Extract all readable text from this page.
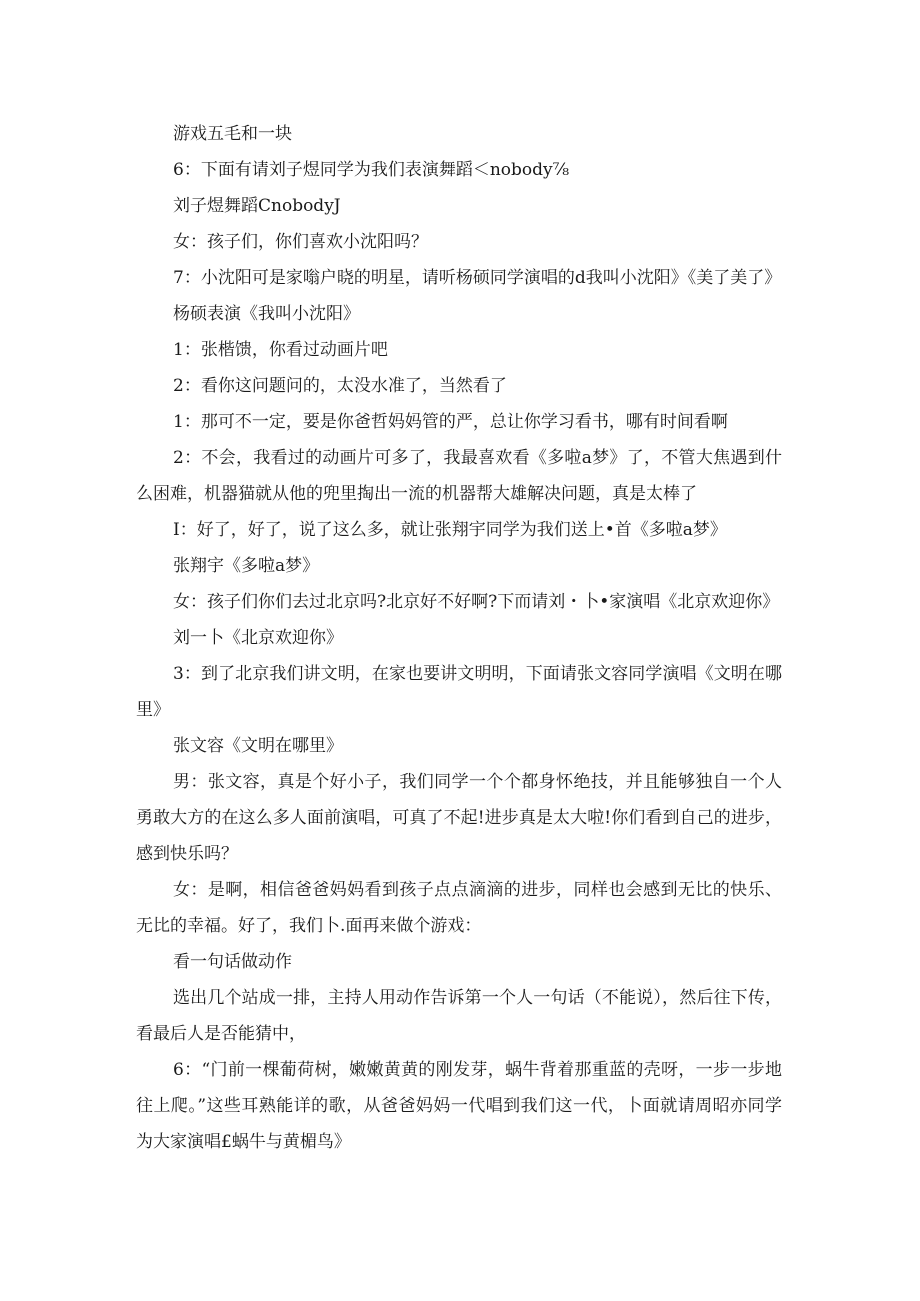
游戏五毛和一块

6：下面有请刘子煜同学为我们表演舞蹈＜nobody⅞

刘子煜舞蹈CnobodyJ

女：孩子们，你们喜欢小沈阳吗？

7：小沈阳可是家嗡户晓的明星，请听杨硕同学演唱的d我叫小沈阳》《美了美了》

杨硕表演《我叫小沈阳》

1：张楷馈，你看过动画片吧

2：看你这问题问的，太没水准了，当然看了

1：那可不一定，要是你爸哲妈妈管的严，总让你学习看书，哪有时间看啊

2：不会，我看过的动画片可多了，我最喜欢看《多啦a梦》了，不管大焦遇到什么困难，机器猫就从他的兜里掏出一流的机器帮大雄解决问题，真是太棒了

I：好了，好了，说了这么多，就让张翔宇同学为我们送上•首《多啦a梦》

张翔宇《多啦a梦》

女：孩子们你们去过北京吗?北京好不好啊?下而请刘・卜•家演唱《北京欢迎你》

刘一卜《北京欢迎你》

3：到了北京我们讲文明，在家也要讲文明明，下面请张文容同学演唱《文明在哪里》

张文容《文明在哪里》

男：张文容，真是个好小子，我们同学一个个都身怀绝技，并且能够独自一个人勇敢大方的在这么多人面前演唱，可真了不起!进步真是太大啦!你们看到自己的进步，感到快乐吗？

女：是啊，相信爸爸妈妈看到孩子点点滴滴的进步，同样也会感到无比的快乐、无比的幸福。好了，我们卜.面再来做个游戏：

看一句话做动作

选出几个站成一排，主持人用动作告诉第一个人一句话（不能说），然后往下传，看最后人是否能猜中，

6：“门前一棵葡荷树，嫩嫩黄黄的刚发芽，蜗牛背着那重蓝的壳呀，一步一步地往上爬。”这些耳熟能详的歌，从爸爸妈妈一代唱到我们这一代，卜面就请周昭亦同学为大家演唱£蜗牛与黄楣鸟》
